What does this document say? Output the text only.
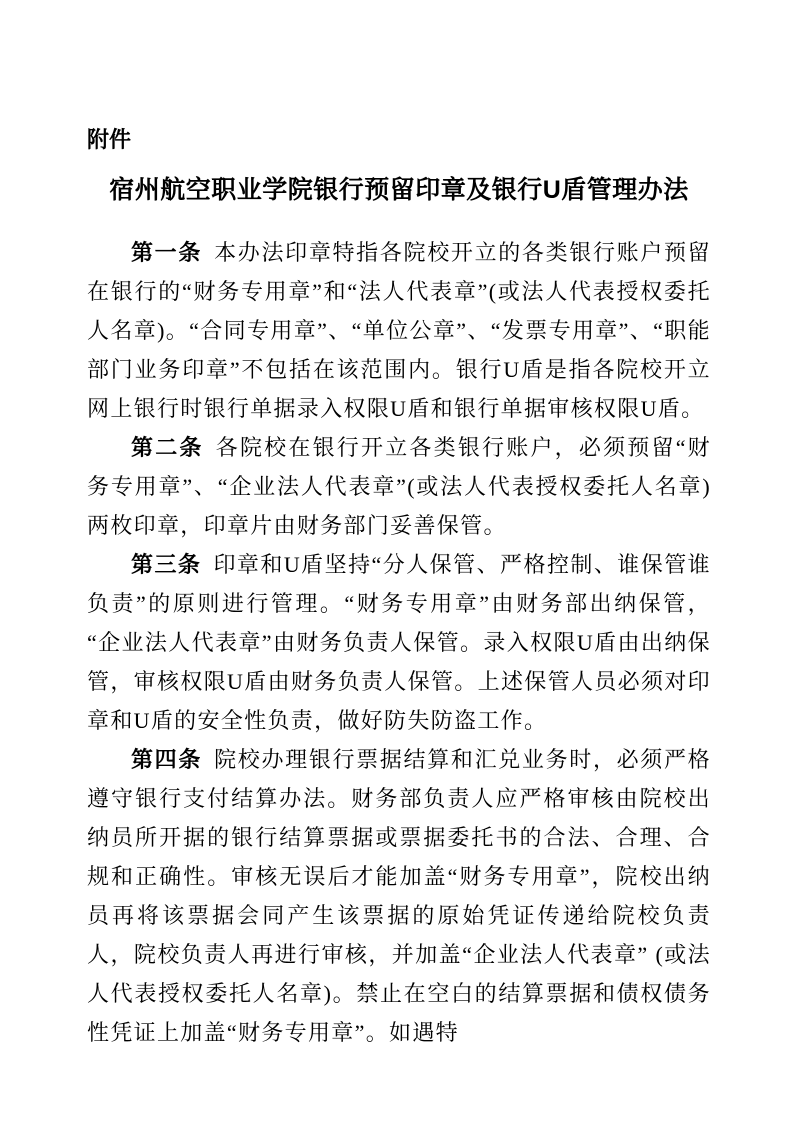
附件
宿州航空职业学院银行预留印章及银行U盾管理办法

第一条 本办法印章特指各院校开立的各类银行账户预留在银行的“财务专用章”和“法人代表章”(或法人代表授权委托人名章)。“合同专用章”、“单位公章”、“发票专用章”、“职能部门业务印章”不包括在该范围内。银行U盾是指各院校开立网上银行时银行单据录入权限U盾和银行单据审核权限U盾。

第二条 各院校在银行开立各类银行账户，必须预留“财务专用章”、“企业法人代表章”(或法人代表授权委托人名章)两枚印章，印章片由财务部门妥善保管。

第三条 印章和U盾坚持“分人保管、严格控制、谁保管谁负责”的原则进行管理。“财务专用章”由财务部出纳保管，“企业法人代表章”由财务负责人保管。录入权限U盾由出纳保管，审核权限U盾由财务负责人保管。上述保管人员必须对印章和U盾的安全性负责，做好防失防盗工作。

第四条 院校办理银行票据结算和汇兑业务时，必须严格遵守银行支付结算办法。财务部负责人应严格审核由院校出纳员所开据的银行结算票据或票据委托书的合法、合理、合规和正确性。审核无误后才能加盖“财务专用章”，院校出纳员再将该票据会同产生该票据的原始凭证传递给院校负责人，院校负责人再进行审核，并加盖“企业法人代表章” (或法人代表授权委托人名章)。禁止在空白的结算票据和债权债务性凭证上加盖“财务专用章”。如遇特
